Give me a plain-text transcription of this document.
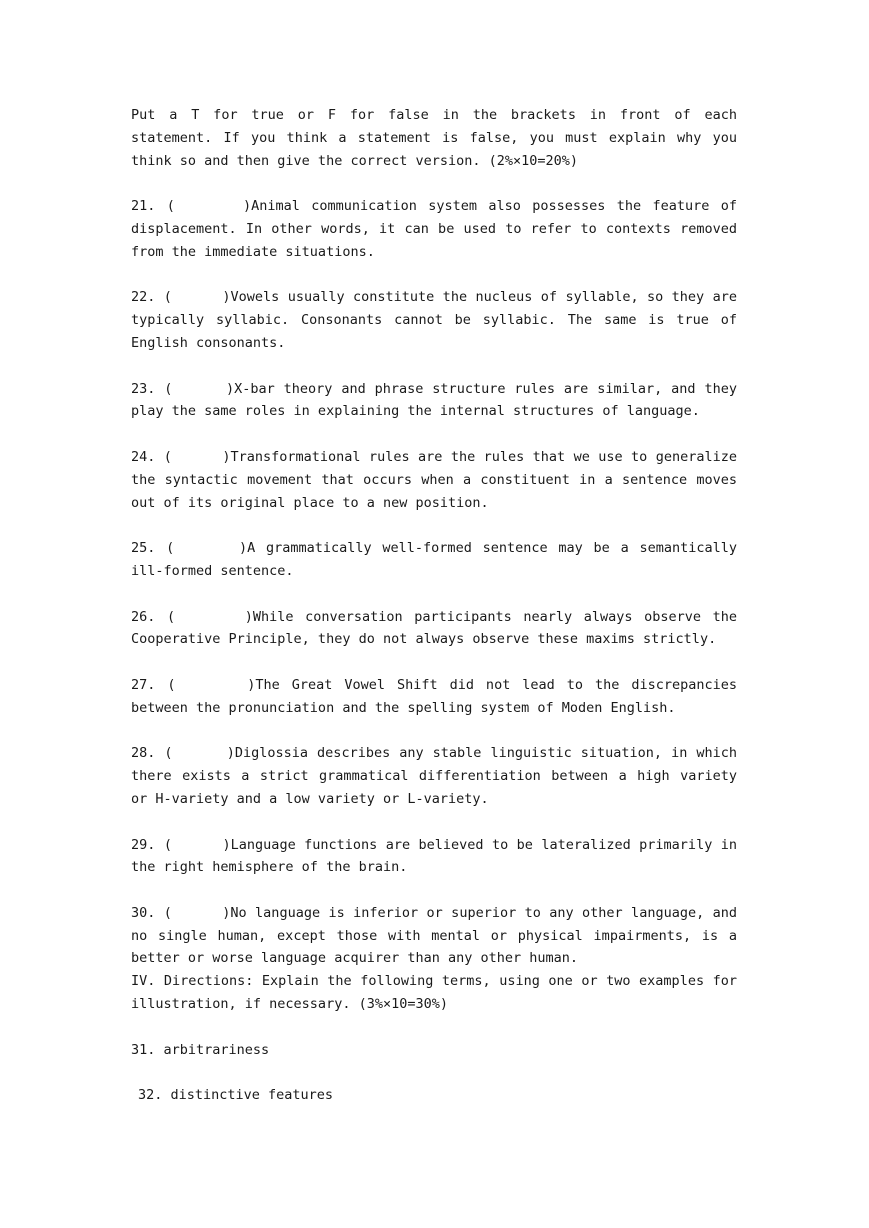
Put a T for true or F for false in the brackets in front of each statement. If you think a statement is false, you must explain why you think so and then give the correct version. (2%×10=20%)

21. (      )Animal communication system also possesses the feature of displacement. In other words, it can be used to refer to contexts removed from the immediate situations.

22. (      )Vowels usually constitute the nucleus of syllable, so they are typically syllabic. Consonants cannot be syllabic. The same is true of English consonants.

23. (      )X-bar theory and phrase structure rules are similar, and they play the same roles in explaining the internal structures of language.

24. (      )Transformational rules are the rules that we use to generalize the syntactic movement that occurs when a constituent in a sentence moves out of its original place to a new position.

25. (      )A grammatically well-formed sentence may be a semantically ill-formed sentence.

26. (      )While conversation participants nearly always observe the Cooperative Principle, they do not always observe these maxims strictly.

27. (      )The Great Vowel Shift did not lead to the discrepancies between the pronunciation and the spelling system of Moden English.

28. (      )Diglossia describes any stable linguistic situation, in which there exists a strict grammatical differentiation between a high variety or H-variety and a low variety or L-variety.

29. (      )Language functions are believed to be lateralized primarily in the right hemisphere of the brain.

30. (      )No language is inferior or superior to any other language, and no single human, except those with mental or physical impairments, is a better or worse language acquirer than any other human.

IV. Directions: Explain the following terms, using one or two examples for illustration, if necessary. (3%×10=30%)

31. arbitrariness

32. distinctive features
